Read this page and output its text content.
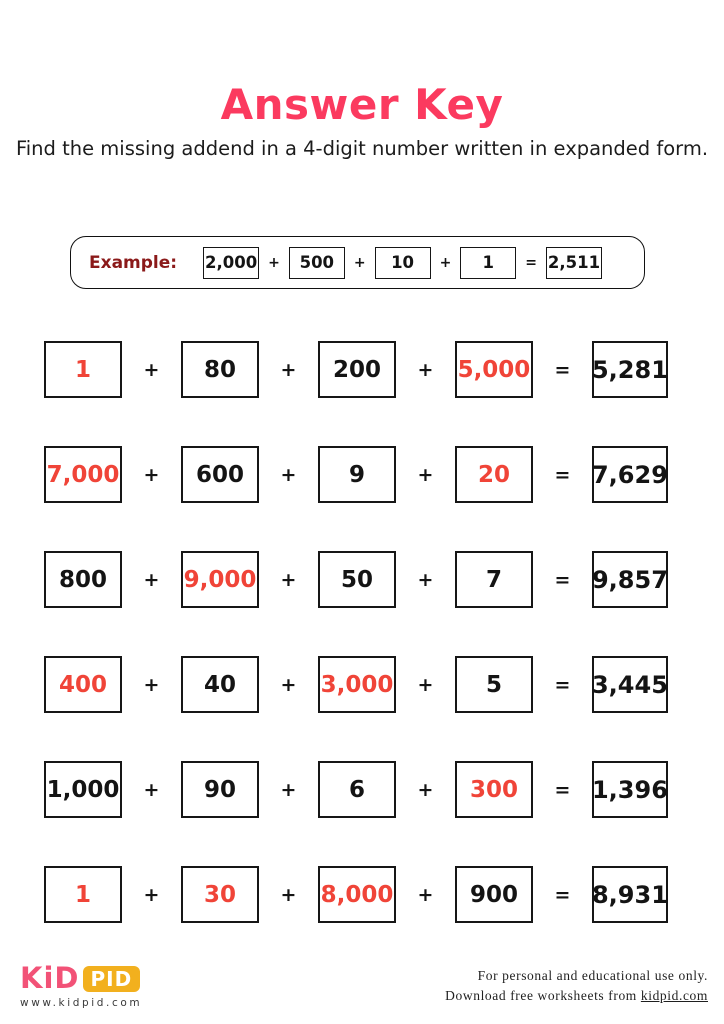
Answer Key

Find the missing addend in a 4-digit number written in expanded form.

Example: 2,000 +	500	+	10	+	1	= 2,511
1	+	80	+	200	+ 5,000 = 5,281
7,000 +	600	+	9	+	20	= 7,629
800	+ 9,000 +	50	+	7	= 9,857
400	+	40	+ 3,000 +	5	= 3,445
1,000 +	90	+	6	+	300	= 1,396
1	+	30	+ 8,000 +	900	= 8,931
KiD PID
www.kidpid.com
For personal and educational use only.
Download free worksheets from kidpid.com
